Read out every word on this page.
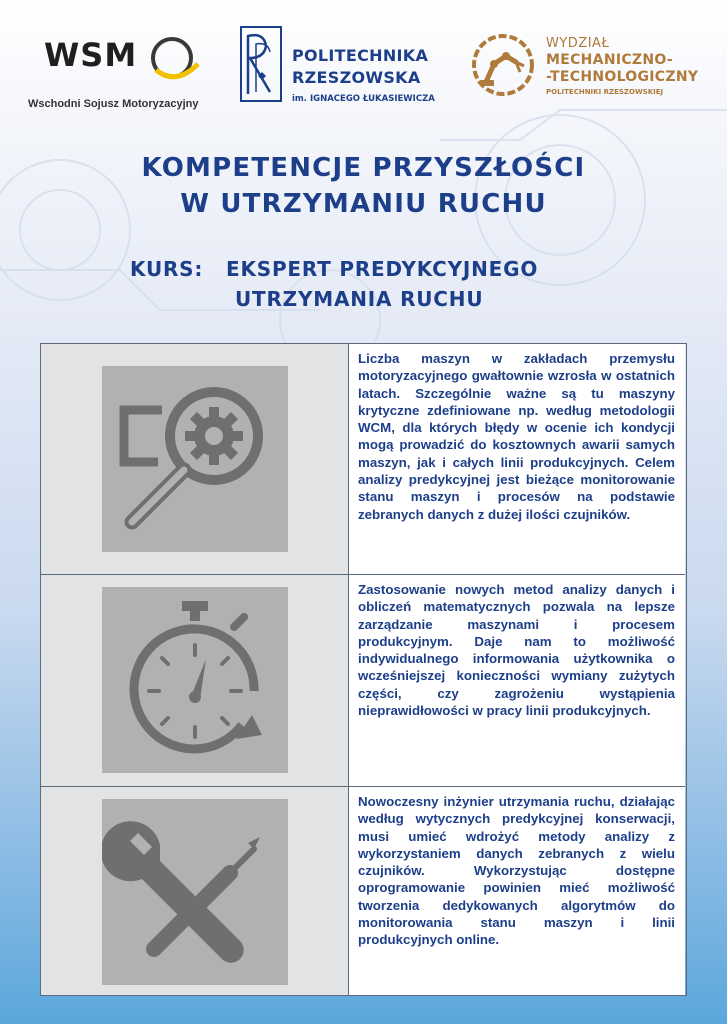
WSM
Wschodni Sojusz Motoryzacyjny
POLITECHNIKA
RZESZOWSKA
im. IGNACEGO ŁUKASIEWICZA
WYDZIAŁ
MECHANICZNO-
-TECHNOLOGICZNY
POLITECHNIKI RZESZOWSKIEJ
KOMPETENCJE PRZYSZŁOŚCI
W UTRZYMANIU RUCHU
KURS: EKSPERT PREDYKCYJNEGO
UTRZYMANIA RUCHU

Liczba maszyn w zakładach przemysłu motoryzacyjnego gwałtownie wzrosła w ostatnich latach. Szczególnie ważne są tu maszyny krytyczne zdefiniowane np. według metodologii WCM, dla których błędy w ocenie ich kondycji mogą prowadzić do kosztownych awarii samych maszyn, jak i całych linii produkcyjnych. Celem analizy predykcyjnej jest bieżące monitorowanie stanu maszyn i procesów na podstawie zebranych danych z dużej ilości czujników.

Zastosowanie nowych metod analizy danych i obliczeń matematycznych pozwala na lepsze zarządzanie maszynami i procesem produkcyjnym. Daje nam to możliwość indywidualnego informowania użytkownika o wcześniejszej konieczności wymiany zużytych części, czy zagrożeniu wystąpienia nieprawidłowości w pracy linii produkcyjnych.

Nowoczesny inżynier utrzymania ruchu, działając według wytycznych predykcyjnej konserwacji, musi umieć wdrożyć metody analizy z wykorzystaniem danych zebranych z wielu czujników. Wykorzystując dostępne oprogramowanie powinien mieć możliwość tworzenia dedykowanych algorytmów do monitorowania stanu maszyn i linii produkcyjnych online.
